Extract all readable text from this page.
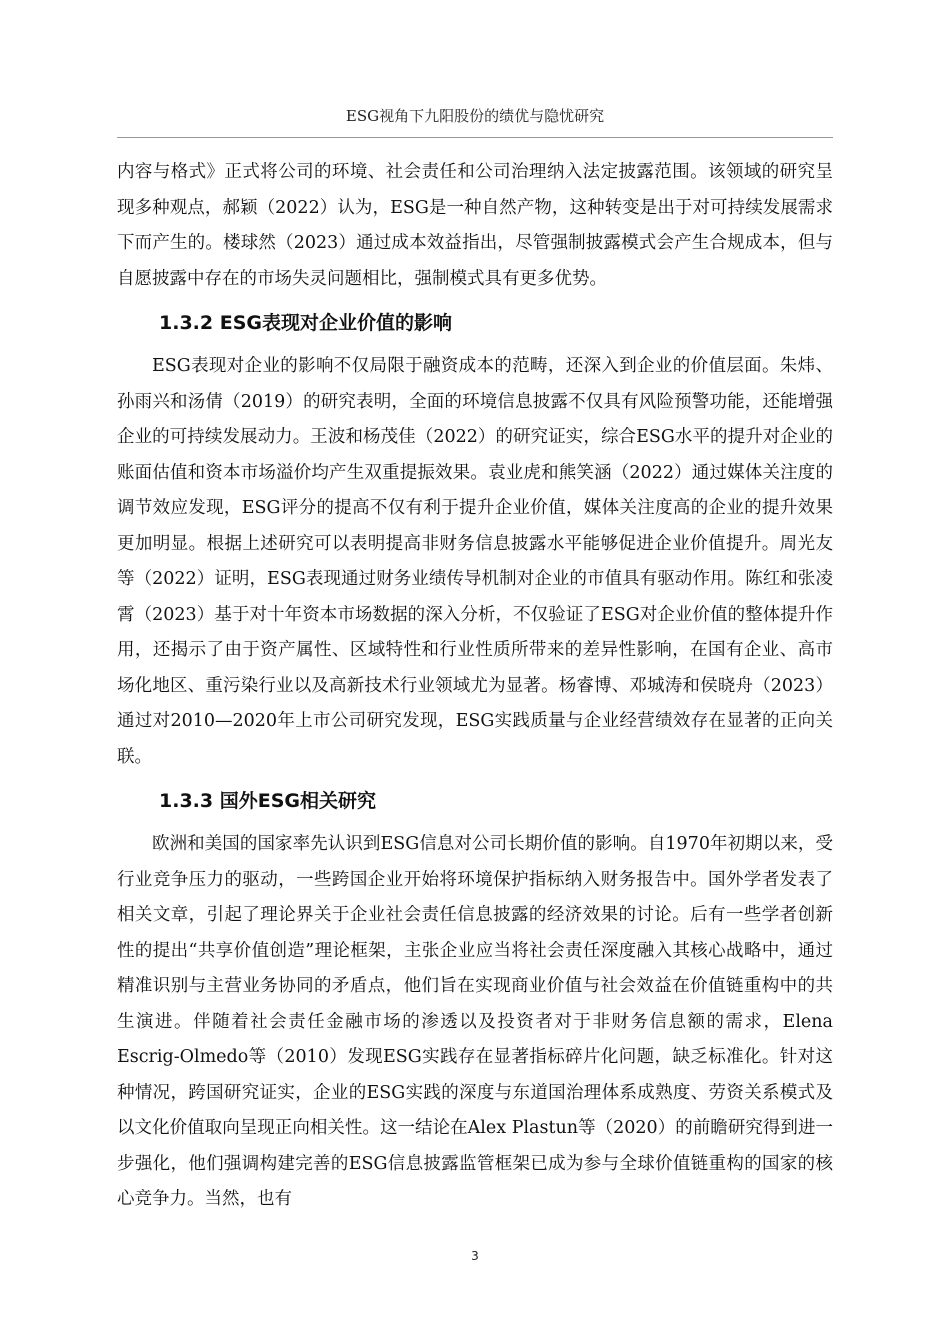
ESG视角下九阳股份的绩优与隐忧研究

内容与格式》正式将公司的环境、社会责任和公司治理纳入法定披露范围。该领域的研究呈现多种观点，郝颖（2022）认为，ESG是一种自然产物，这种转变是出于对可持续发展需求下而产生的。楼球然（2023）通过成本效益指出，尽管强制披露模式会产生合规成本，但与自愿披露中存在的市场失灵问题相比，强制模式具有更多优势。

1.3.2 ESG表现对企业价值的影响

ESG表现对企业的影响不仅局限于融资成本的范畴，还深入到企业的价值层面。朱炜、孙雨兴和汤倩（2019）的研究表明，全面的环境信息披露不仅具有风险预警功能，还能增强企业的可持续发展动力。王波和杨茂佳（2022）的研究证实，综合ESG水平的提升对企业的账面估值和资本市场溢价均产生双重提振效果。袁业虎和熊笑涵（2022）通过媒体关注度的调节效应发现，ESG评分的提高不仅有利于提升企业价值，媒体关注度高的企业的提升效果更加明显。根据上述研究可以表明提高非财务信息披露水平能够促进企业价值提升。周光友等（2022）证明，ESG表现通过财务业绩传导机制对企业的市值具有驱动作用。陈红和张凌霄（2023）基于对十年资本市场数据的深入分析，不仅验证了ESG对企业价值的整体提升作用，还揭示了由于资产属性、区域特性和行业性质所带来的差异性影响，在国有企业、高市场化地区、重污染行业以及高新技术行业领域尤为显著。杨睿博、邓城涛和侯晓舟（2023）通过对2010—2020年上市公司研究发现，ESG实践质量与企业经营绩效存在显著的正向关联。

1.3.3 国外ESG相关研究

欧洲和美国的国家率先认识到ESG信息对公司长期价值的影响。自1970年初期以来，受行业竞争压力的驱动，一些跨国企业开始将环境保护指标纳入财务报告中。国外学者发表了相关文章，引起了理论界关于企业社会责任信息披露的经济效果的讨论。后有一些学者创新性的提出“共享价值创造”理论框架，主张企业应当将社会责任深度融入其核心战略中，通过精准识别与主营业务协同的矛盾点，他们旨在实现商业价值与社会效益在价值链重构中的共生演进。伴随着社会责任金融市场的渗透以及投资者对于非财务信息额的需求，Elena Escrig-Olmedo等（2010）发现ESG实践存在显著指标碎片化问题，缺乏标准化。针对这种情况，跨国研究证实，企业的ESG实践的深度与东道国治理体系成熟度、劳资关系模式及以文化价值取向呈现正向相关性。这一结论在Alex Plastun等（2020）的前瞻研究得到进一步强化，他们强调构建完善的ESG信息披露监管框架已成为参与全球价值链重构的国家的核心竞争力。当然，也有

3
